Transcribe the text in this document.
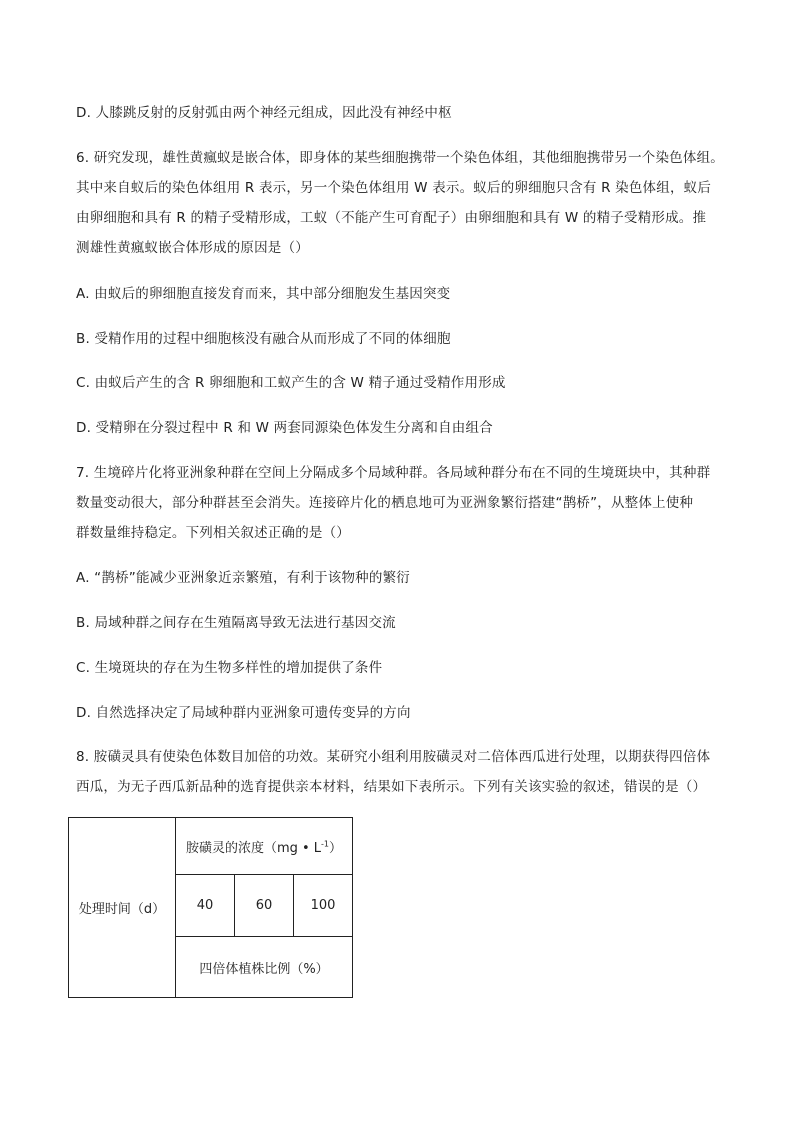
D. 人膝跳反射的反射弧由两个神经元组成，因此没有神经中枢
6. 研究发现，雄性黄瘋蚁是嵌合体，即身体的某些细胞携带一个染色体组，其他细胞携带另一个染色体组。
其中来自蚁后的染色体组用 R 表示，另一个染色体组用 W 表示。蚁后的卵细胞只含有 R 染色体组，蚁后
由卵细胞和具有 R 的精子受精形成，工蚁（不能产生可育配子）由卵细胞和具有 W 的精子受精形成。推
测雄性黄瘋蚁嵌合体形成的原因是（）
A. 由蚁后的卵细胞直接发育而来，其中部分细胞发生基因突变
B. 受精作用的过程中细胞核没有融合从而形成了不同的体细胞
C. 由蚁后产生的含 R 卵细胞和工蚁产生的含 W 精子通过受精作用形成
D. 受精卵在分裂过程中 R 和 W 两套同源染色体发生分离和自由组合
7. 生境碎片化将亚洲象种群在空间上分隔成多个局域种群。各局域种群分布在不同的生境斑块中，其种群
数量变动很大，部分种群甚至会消失。连接碎片化的栖息地可为亚洲象繁衍搭建“鹊桥”，从整体上使种
群数量维持稳定。下列相关叙述正确的是（）
A. “鹊桥”能减少亚洲象近亲繁殖，有利于该物种的繁衍
B. 局域种群之间存在生殖隔离导致无法进行基因交流
C. 生境斑块的存在为生物多样性的增加提供了条件
D. 自然选择决定了局域种群内亚洲象可遗传变异的方向
8. 胺磺灵具有使染色体数目加倍的功效。某研究小组利用胺磺灵对二倍体西瓜进行处理，以期获得四倍体
西瓜，为无子西瓜新品种的选育提供亲本材料，结果如下表所示。下列有关该实验的叙述，错误的是（）
处理时间（d）	胺磺灵的浓度（mg • $L^{-1}$）		
	40	60	100
	四倍体植株比例（%）		
